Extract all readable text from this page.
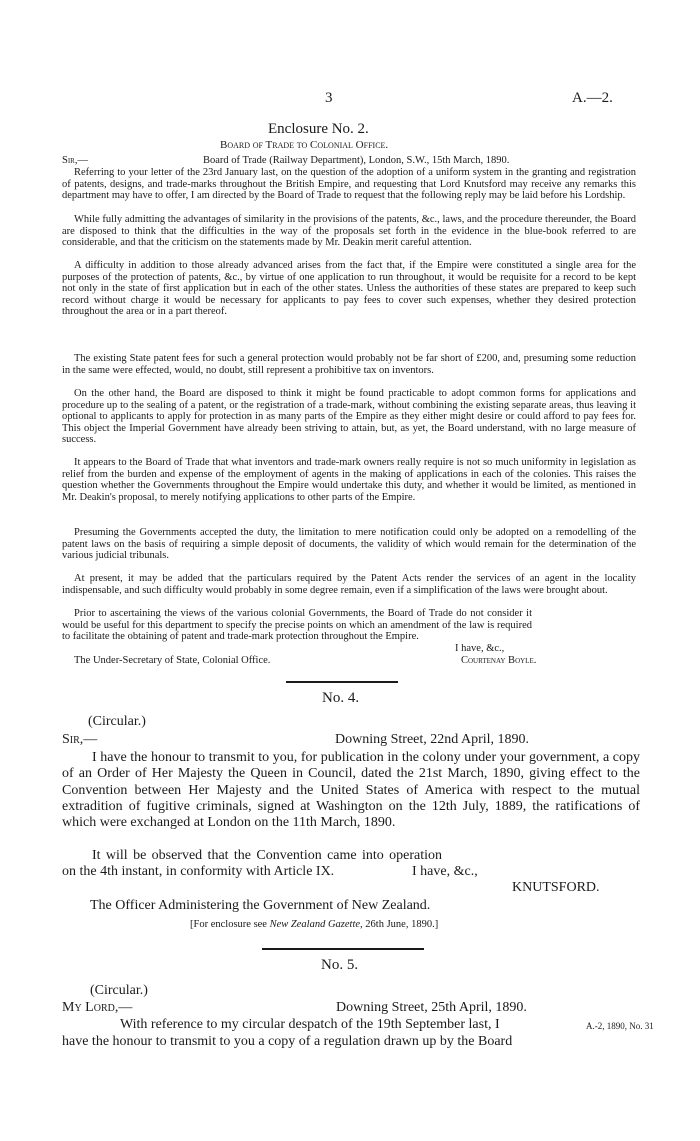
3	A.—2.
Enclosure No. 2.
Board of Trade to Colonial Office.
Sir,—	Board of Trade (Railway Department), London, S.W., 15th March, 1890.
Referring to your letter of the 23rd January last, on the question of the adoption of a uniform system in the granting and registration of patents, designs, and trade-marks throughout the British Empire, and requesting that Lord Knutsford may receive any remarks this department may have to offer, I am directed by the Board of Trade to request that the following reply may be laid before his Lordship.
While fully admitting the advantages of similarity in the provisions of the patents, &c., laws, and the procedure thereunder, the Board are disposed to think that the difficulties in the way of the proposals set forth in the evidence in the blue-book referred to are considerable, and that the criticism on the statements made by Mr. Deakin merit careful attention.
A difficulty in addition to those already advanced arises from the fact that, if the Empire were constituted a single area for the purposes of the protection of patents, &c., by virtue of one application to run throughout, it would be requisite for a record to be kept not only in the state of first application but in each of the other states. Unless the authorities of these states are prepared to keep such record without charge it would be necessary for applicants to pay fees to cover such expenses, whether they desired protection throughout the area or in a part thereof.
The existing State patent fees for such a general protection would probably not be far short of £200, and, presuming some reduction in the same were effected, would, no doubt, still represent a prohibitive tax on inventors.
On the other hand, the Board are disposed to think it might be found practicable to adopt common forms for applications and procedure up to the sealing of a patent, or the registration of a trade-mark, without combining the existing separate areas, thus leaving it optional to applicants to apply for protection in as many parts of the Empire as they either might desire or could afford to pay fees for. This object the Imperial Government have already been striving to attain, but, as yet, the Board understand, with no large measure of success.
It appears to the Board of Trade that what inventors and trade-mark owners really require is not so much uniformity in legislation as relief from the burden and expense of the employment of agents in the making of applications in each of the colonies. This raises the question whether the Governments throughout the Empire would undertake this duty, and whether it would be limited, as mentioned in Mr. Deakin's proposal, to merely notifying applications to other parts of the Empire.
Presuming the Governments accepted the duty, the limitation to mere notification could only be adopted on a remodelling of the patent laws on the basis of requiring a simple deposit of documents, the validity of which would remain for the determination of the various judicial tribunals.
At present, it may be added that the particulars required by the Patent Acts render the services of an agent in the locality indispensable, and such difficulty would probably in some degree remain, even if a simplification of the laws were brought about.
Prior to ascertaining the views of the various colonial Governments, the Board of Trade do not consider it would be useful for this department to specify the precise points on which an amendment of the law is required to facilitate the obtaining of patent and trade-mark protection throughout the Empire.
I have, &c.,
The Under-Secretary of State, Colonial Office.	Courtenay Boyle.
No. 4.
(Circular.)
Sir,—	Downing Street, 22nd April, 1890.
I have the honour to transmit to you, for publication in the colony under your government, a copy of an Order of Her Majesty the Queen in Council, dated the 21st March, 1890, giving effect to the Convention between Her Majesty and the United States of America with respect to the mutual extradition of fugitive criminals, signed at Washington on the 12th July, 1889, the ratifications of which were exchanged at London on the 11th March, 1890.
It will be observed that the Convention came into operation on the 4th instant, in conformity with Article IX.	I have, &c.,
KNUTSFORD.
The Officer Administering the Government of New Zealand.
[For enclosure see New Zealand Gazette, 26th June, 1890.]
No. 5.
(Circular.)
My Lord,—	Downing Street, 25th April, 1890.
With reference to my circular despatch of the 19th September last, I	A.-2, 1890, No. 31
have the honour to transmit to you a copy of a regulation drawn up by the Board
